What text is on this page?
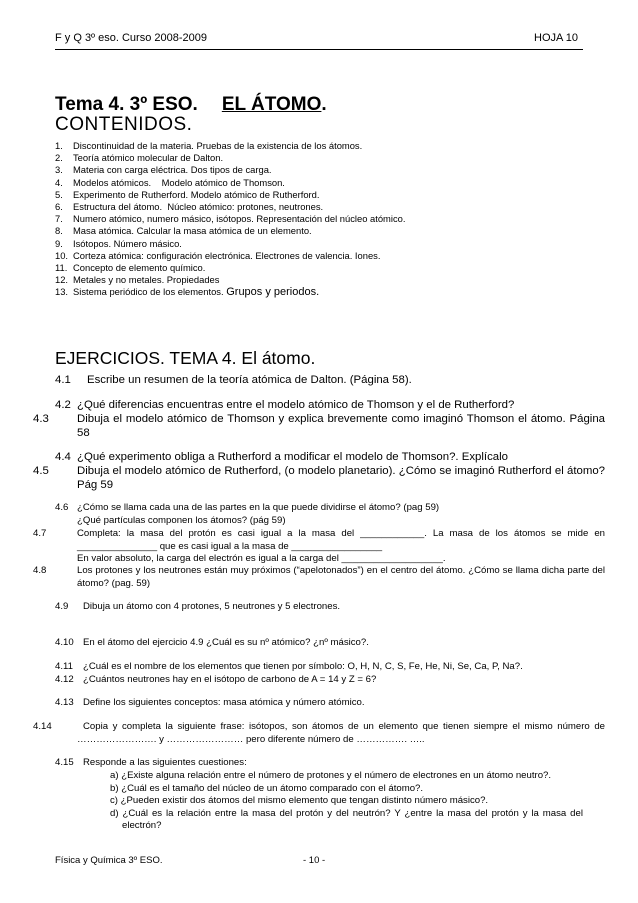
F y Q 3º eso. Curso 2008-2009	HOJA 10
Tema 4. 3º ESO. EL ÁTOMO.
CONTENIDOS.
1. Discontinuidad de la materia. Pruebas de la existencia de los átomos.
2. Teoría atómico molecular de Dalton.
3. Materia con carga eléctrica. Dos tipos de carga.
4. Modelos atómicos.    Modelo atómico de Thomson.
5. Experimento de Rutherford. Modelo atómico de Rutherford.
6. Estructura del átomo.  Núcleo atómico: protones, neutrones.
7. Numero atómico, numero másico, isótopos. Representación del núcleo atómico.
8. Masa atómica. Calcular la masa atómica de un elemento.
9. Isótopos. Número másico.
10. Corteza atómica: configuración electrónica. Electrones de valencia. Iones.
11. Concepto de elemento químico.
12. Metales y no metales. Propiedades
13. Sistema periódico de los elementos. Grupos y periodos.
EJERCICIOS. TEMA 4. El átomo.
4.1 Escribe un resumen de la teoría atómica de Dalton. (Página 58).
4.2 ¿Qué diferencias encuentras entre el modelo atómico de Thomson y el de Rutherford?
4.3 Dibuja el modelo atómico de Thomson y explica brevemente como imaginó Thomson el átomo. Página 58
4.4 ¿Qué experimento obliga a Rutherford a modificar el modelo de Thomson?. Explícalo
4.5 Dibuja el modelo atómico de Rutherford, (o modelo planetario). ¿Cómo se imaginó Rutherford el átomo? Pág 59
4.6 ¿Cómo se llama cada una de las partes en la que puede dividirse el átomo? (pag 59)
¿Qué partículas componen los átomos? (pág 59)
4.7	Completa: la masa del protón es casi igual a la masa del ____________. La masa de los átomos se mide en _______________ que es casi igual a la masa de _________________
En valor absoluto, la carga del electrón es igual a la carga del ___________________.
4.8	Los protones y los neutrones están muy próximos (“apelotonados”) en el centro del átomo. ¿Cómo se llama dicha parte del átomo? (pag. 59)
4.9 Dibuja un átomo con 4 protones, 5 neutrones y 5 electrones.
4.10 En el átomo del ejercicio 4.9 ¿Cuál es su nº atómico? ¿nº másico?.
4.11 ¿Cuál es el nombre de los elementos que tienen por símbolo: O, H, N, C, S, Fe, He, Ni, Se, Ca, P, Na?.
4.12 ¿Cuántos neutrones hay en el isótopo de carbono de A = 14 y Z = 6?
4.13 Define los siguientes conceptos: masa atómica y número atómico.
4.14	Copia y completa la siguiente frase: isótopos, son átomos de un elemento que tienen siempre el mismo número de ……………………. y …………………… pero diferente número de ……………. …..
4.15 Responde a las siguientes cuestiones:
a) ¿Existe alguna relación entre el número de protones y el número de electrones en un átomo neutro?.
b) ¿Cuál es el tamaño del núcleo de un átomo comparado con el átomo?.
c) ¿Pueden existir dos átomos del mismo elemento que tengan distinto número másico?.
d) ¿Cuál es la relación entre la masa del protón y del neutrón? Y ¿entre la masa del protón y la masa del electrón?
Física y Química 3º ESO.	- 10 -
